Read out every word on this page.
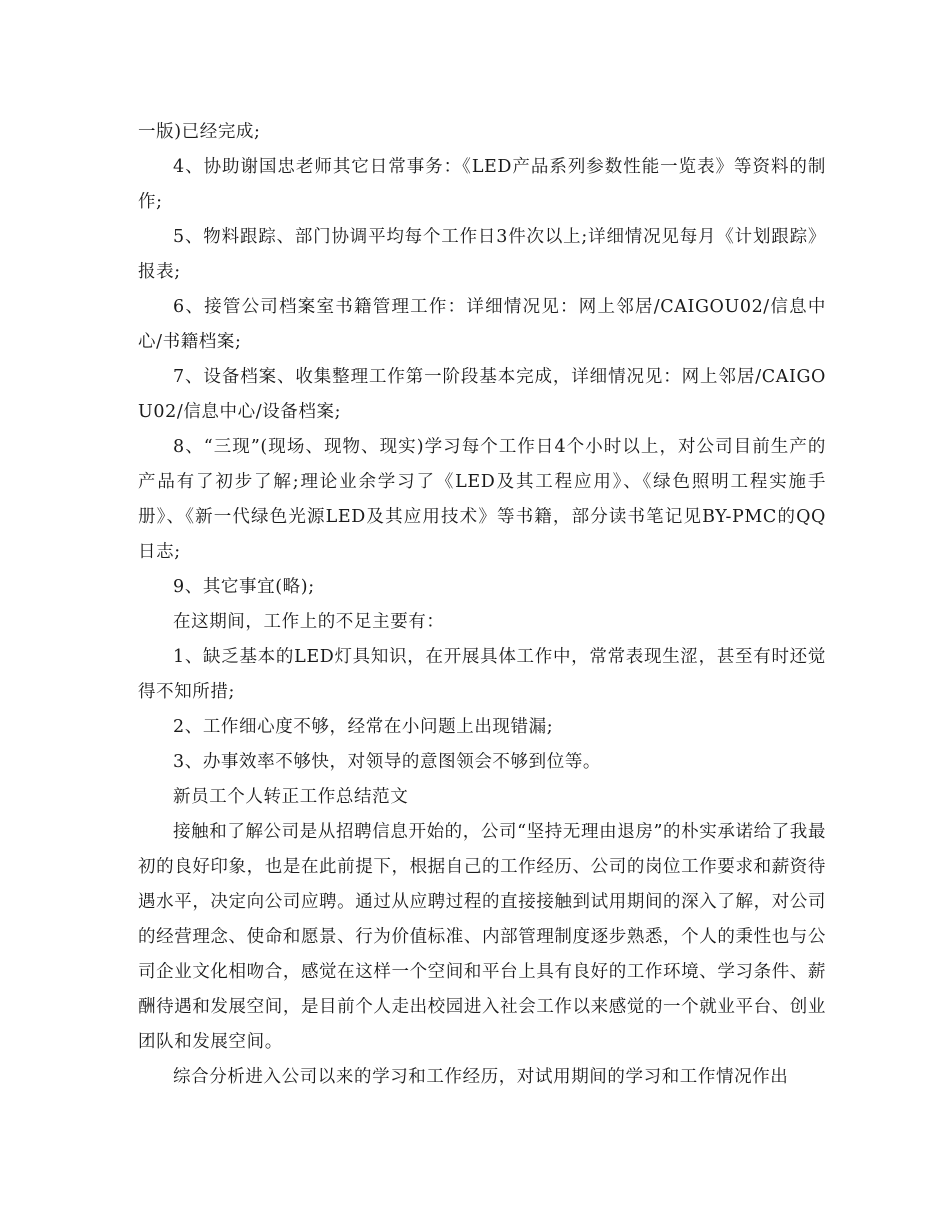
一版)已经完成;

4、协助谢国忠老师其它日常事务：《LED产品系列参数性能一览表》等资料的制作;

5、物料跟踪、部门协调平均每个工作日3件次以上;详细情况见每月《计划跟踪》报表;

6、接管公司档案室书籍管理工作：详细情况见：网上邻居/CAIGOU02/信息中心/书籍档案;

7、设备档案、收集整理工作第一阶段基本完成，详细情况见：网上邻居/CAIGOU02/信息中心/设备档案;

8、“三现”(现场、现物、现实)学习每个工作日4个小时以上，对公司目前生产的产品有了初步了解;理论业余学习了《LED及其工程应用》、《绿色照明工程实施手册》、《新一代绿色光源LED及其应用技术》等书籍，部分读书笔记见BY-PMC的QQ日志;

9、其它事宜(略);

在这期间，工作上的不足主要有：

1、缺乏基本的LED灯具知识，在开展具体工作中，常常表现生涩，甚至有时还觉得不知所措;

2、工作细心度不够，经常在小问题上出现错漏;

3、办事效率不够快，对领导的意图领会不够到位等。

新员工个人转正工作总结范文

接触和了解公司是从招聘信息开始的，公司“坚持无理由退房”的朴实承诺给了我最初的良好印象，也是在此前提下，根据自己的工作经历、公司的岗位工作要求和薪资待遇水平，决定向公司应聘。通过从应聘过程的直接接触到试用期间的深入了解，对公司的经营理念、使命和愿景、行为价值标准、内部管理制度逐步熟悉，个人的秉性也与公司企业文化相吻合，感觉在这样一个空间和平台上具有良好的工作环境、学习条件、薪酬待遇和发展空间，是目前个人走出校园进入社会工作以来感觉的一个就业平台、创业团队和发展空间。

综合分析进入公司以来的学习和工作经历，对试用期间的学习和工作情况作出
